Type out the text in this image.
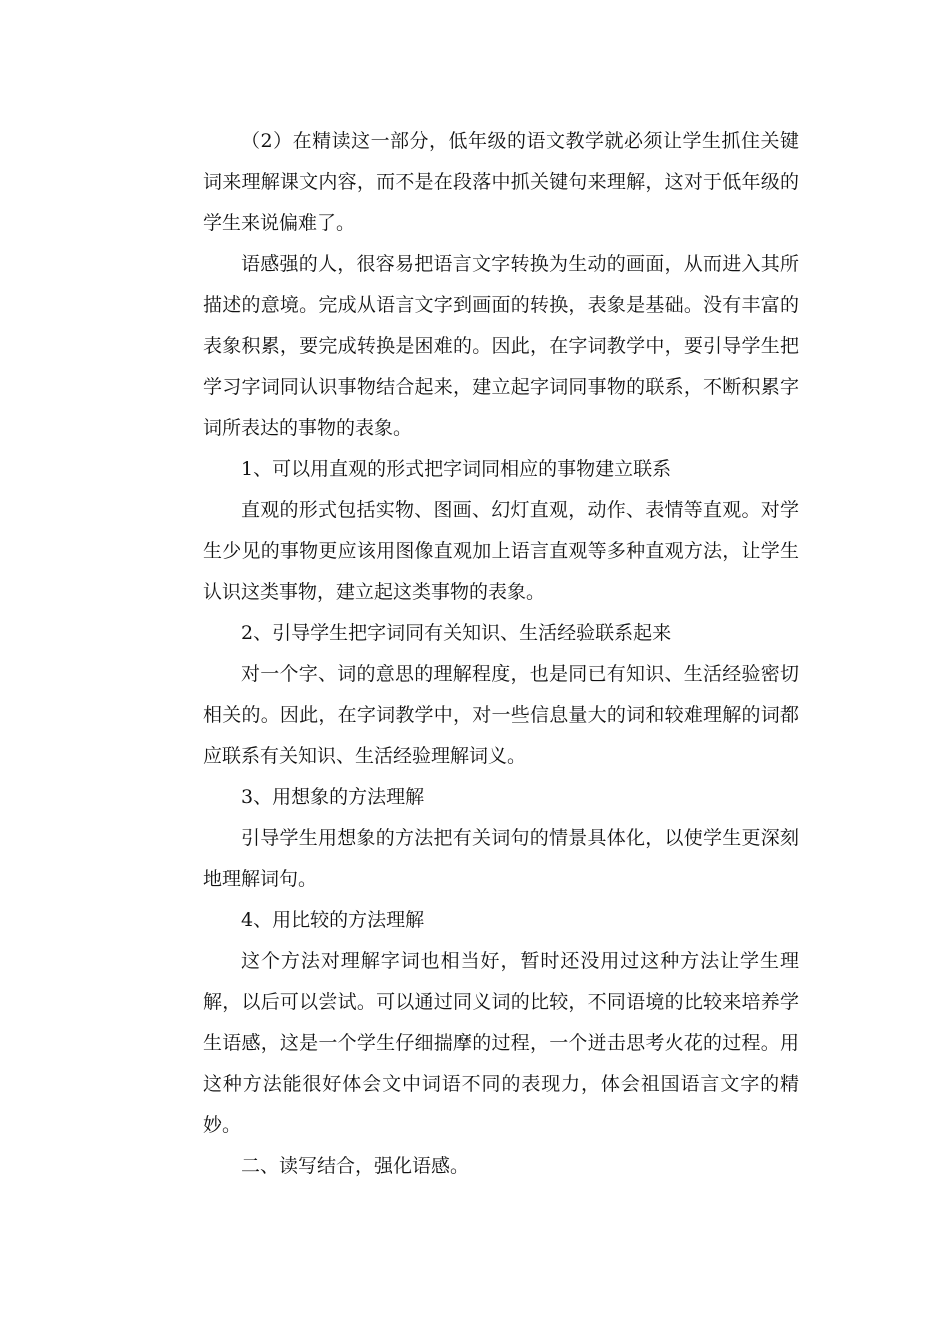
（2）在精读这一部分，低年级的语文教学就必须让学生抓住关键词来理解课文内容，而不是在段落中抓关键句来理解，这对于低年级的学生来说偏难了。

语感强的人，很容易把语言文字转换为生动的画面，从而进入其所描述的意境。完成从语言文字到画面的转换，表象是基础。没有丰富的表象积累，要完成转换是困难的。因此，在字词教学中，要引导学生把学习字词同认识事物结合起来，建立起字词同事物的联系，不断积累字词所表达的事物的表象。

1、可以用直观的形式把字词同相应的事物建立联系

直观的形式包括实物、图画、幻灯直观，动作、表情等直观。对学生少见的事物更应该用图像直观加上语言直观等多种直观方法，让学生认识这类事物，建立起这类事物的表象。

2、引导学生把字词同有关知识、生活经验联系起来

对一个字、词的意思的理解程度，也是同已有知识、生活经验密切相关的。因此，在字词教学中，对一些信息量大的词和较难理解的词都应联系有关知识、生活经验理解词义。

3、用想象的方法理解

引导学生用想象的方法把有关词句的情景具体化，以使学生更深刻地理解词句。

4、用比较的方法理解

这个方法对理解字词也相当好，暂时还没用过这种方法让学生理解，以后可以尝试。可以通过同义词的比较，不同语境的比较来培养学生语感，这是一个学生仔细揣摩的过程，一个迸击思考火花的过程。用这种方法能很好体会文中词语不同的表现力，体会祖国语言文字的精妙。

二、读写结合，强化语感。
